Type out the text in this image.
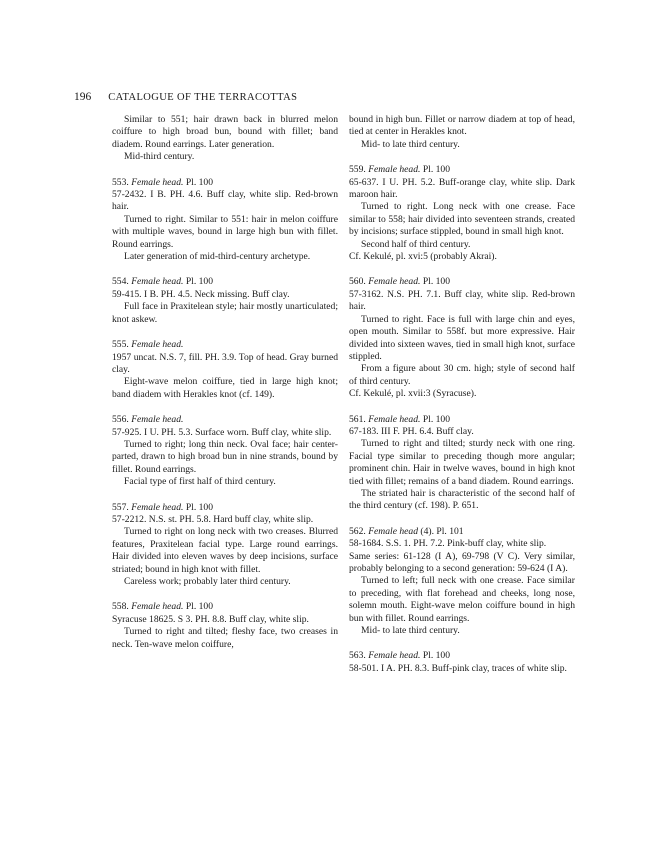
196 CATALOGUE OF THE TERRACOTTAS

Similar to 551; hair drawn back in blurred melon coiffure to high broad bun, bound with fillet; band diadem. Round earrings. Later generation.

Mid-third century.

553. Female head. Pl. 100

57-2432. I B. PH. 4.6. Buff clay, white slip. Red-brown hair.

Turned to right. Similar to 551: hair in melon coiffure with multiple waves, bound in large high bun with fillet. Round earrings.

Later generation of mid-third-century archetype.

554. Female head. Pl. 100

59-415. I B. PH. 4.5. Neck missing. Buff clay.

Full face in Praxitelean style; hair mostly unarticulated; knot askew.

555. Female head.

1957 uncat. N.S. 7, fill. PH. 3.9. Top of head. Gray burned clay.

Eight-wave melon coiffure, tied in large high knot; band diadem with Herakles knot (cf. 149).

556. Female head.

57-925. I U. PH. 5.3. Surface worn. Buff clay, white slip.

Turned to right; long thin neck. Oval face; hair center-parted, drawn to high broad bun in nine strands, bound by fillet. Round earrings.

Facial type of first half of third century.

557. Female head. Pl. 100

57-2212. N.S. st. PH. 5.8. Hard buff clay, white slip.

Turned to right on long neck with two creases. Blurred features, Praxitelean facial type. Large round earrings. Hair divided into eleven waves by deep incisions, surface striated; bound in high knot with fillet.

Careless work; probably later third century.

558. Female head. Pl. 100

Syracuse 18625. S 3. PH. 8.8. Buff clay, white slip.

Turned to right and tilted; fleshy face, two creases in neck. Ten-wave melon coiffure,

bound in high bun. Fillet or narrow diadem at top of head, tied at center in Herakles knot.

Mid- to late third century.

559. Female head. Pl. 100

65-637. I U. PH. 5.2. Buff-orange clay, white slip. Dark maroon hair.

Turned to right. Long neck with one crease. Face similar to 558; hair divided into seventeen strands, created by incisions; surface stippled, bound in small high knot.

Second half of third century.

Cf. Kekulé, pl. xvi:5 (probably Akrai).

560. Female head. Pl. 100

57-3162. N.S. PH. 7.1. Buff clay, white slip. Red-brown hair.

Turned to right. Face is full with large chin and eyes, open mouth. Similar to 558f. but more expressive. Hair divided into sixteen waves, tied in small high knot, surface stippled.

From a figure about 30 cm. high; style of second half of third century.

Cf. Kekulé, pl. xvii:3 (Syracuse).

561. Female head. Pl. 100

67-183. III F. PH. 6.4. Buff clay.

Turned to right and tilted; sturdy neck with one ring. Facial type similar to preceding though more angular; prominent chin. Hair in twelve waves, bound in high knot tied with fillet; remains of a band diadem. Round earrings.

The striated hair is characteristic of the second half of the third century (cf. 198). P. 651.

562. Female head (4). Pl. 101

58-1684. S.S. 1. PH. 7.2. Pink-buff clay, white slip.

Same series: 61-128 (I A), 69-798 (V C). Very similar, probably belonging to a second generation: 59-624 (I A).

Turned to left; full neck with one crease. Face similar to preceding, with flat forehead and cheeks, long nose, solemn mouth. Eight-wave melon coiffure bound in high bun with fillet. Round earrings.

Mid- to late third century.

563. Female head. Pl. 100

58-501. I A. PH. 8.3. Buff-pink clay, traces of white slip.
